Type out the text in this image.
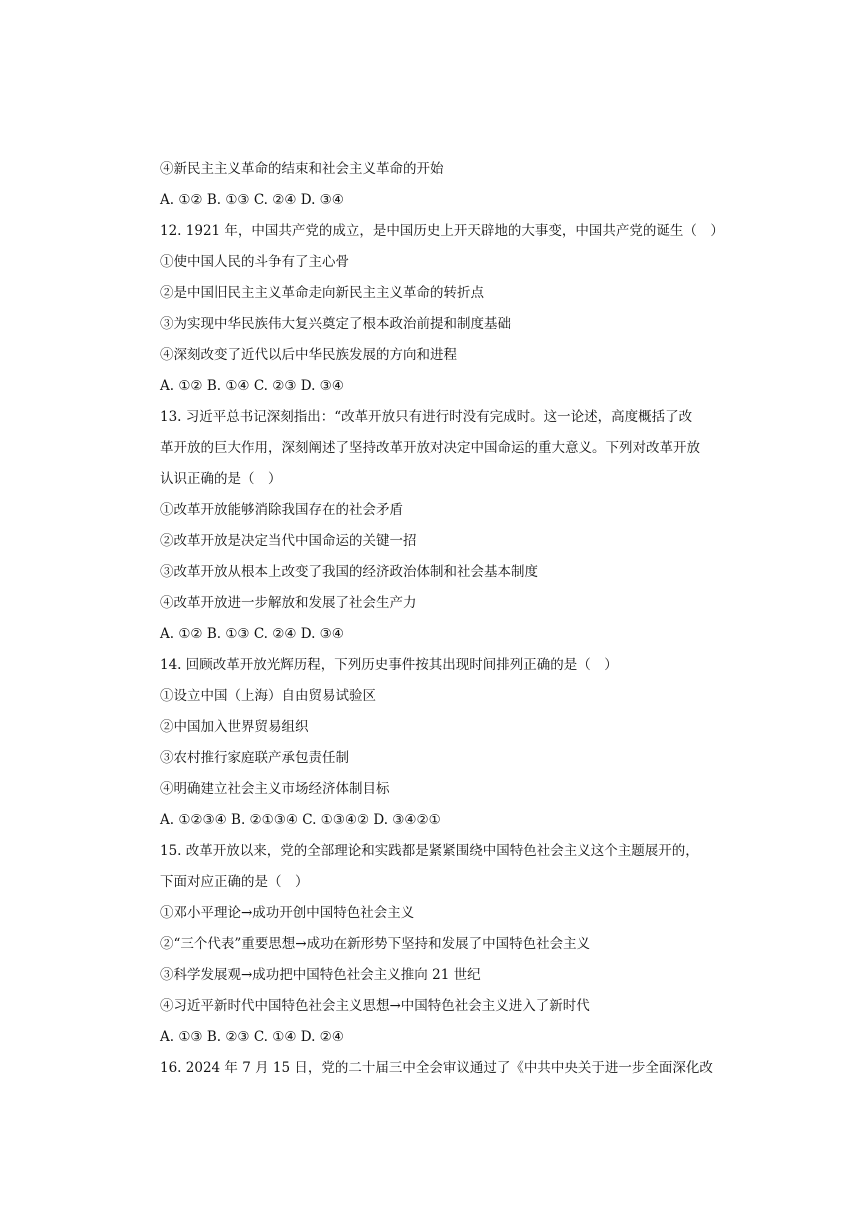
④新民主主义革命的结束和社会主义革命的开始
A. ①② B. ①③ C. ②④ D. ③④
12. 1921 年，中国共产党的成立，是中国历史上开天辟地的大事变，中国共产党的诞生（　）
①使中国人民的斗争有了主心骨
②是中国旧民主主义革命走向新民主主义革命的转折点
③为实现中华民族伟大复兴奠定了根本政治前提和制度基础
④深刻改变了近代以后中华民族发展的方向和进程
A. ①② B. ①④ C. ②③ D. ③④
13. 习近平总书记深刻指出：“改革开放只有进行时没有完成时。这一论述，高度概括了改
革开放的巨大作用，深刻阐述了坚持改革开放对决定中国命运的重大意义。下列对改革开放
认识正确的是（　）
①改革开放能够消除我国存在的社会矛盾
②改革开放是决定当代中国命运的关键一招
③改革开放从根本上改变了我国的经济政治体制和社会基本制度
④改革开放进一步解放和发展了社会生产力
A. ①② B. ①③ C. ②④ D. ③④
14. 回顾改革开放光辉历程，下列历史事件按其出现时间排列正确的是（　）
①设立中国（上海）自由贸易试验区
②中国加入世界贸易组织
③农村推行家庭联产承包责任制
④明确建立社会主义市场经济体制目标
A. ①②③④ B. ②①③④ C. ①③④② D. ③④②①
15. 改革开放以来，党的全部理论和实践都是紧紧围绕中国特色社会主义这个主题展开的，
下面对应正确的是（　）
①邓小平理论→成功开创中国特色社会主义
②“三个代表”重要思想→成功在新形势下坚持和发展了中国特色社会主义
③科学发展观→成功把中国特色社会主义推向 21 世纪
④习近平新时代中国特色社会主义思想→中国特色社会主义进入了新时代
A. ①③ B. ②③ C. ①④ D. ②④
16. 2024 年 7 月 15 日，党的二十届三中全会审议通过了《中共中央关于进一步全面深化改
